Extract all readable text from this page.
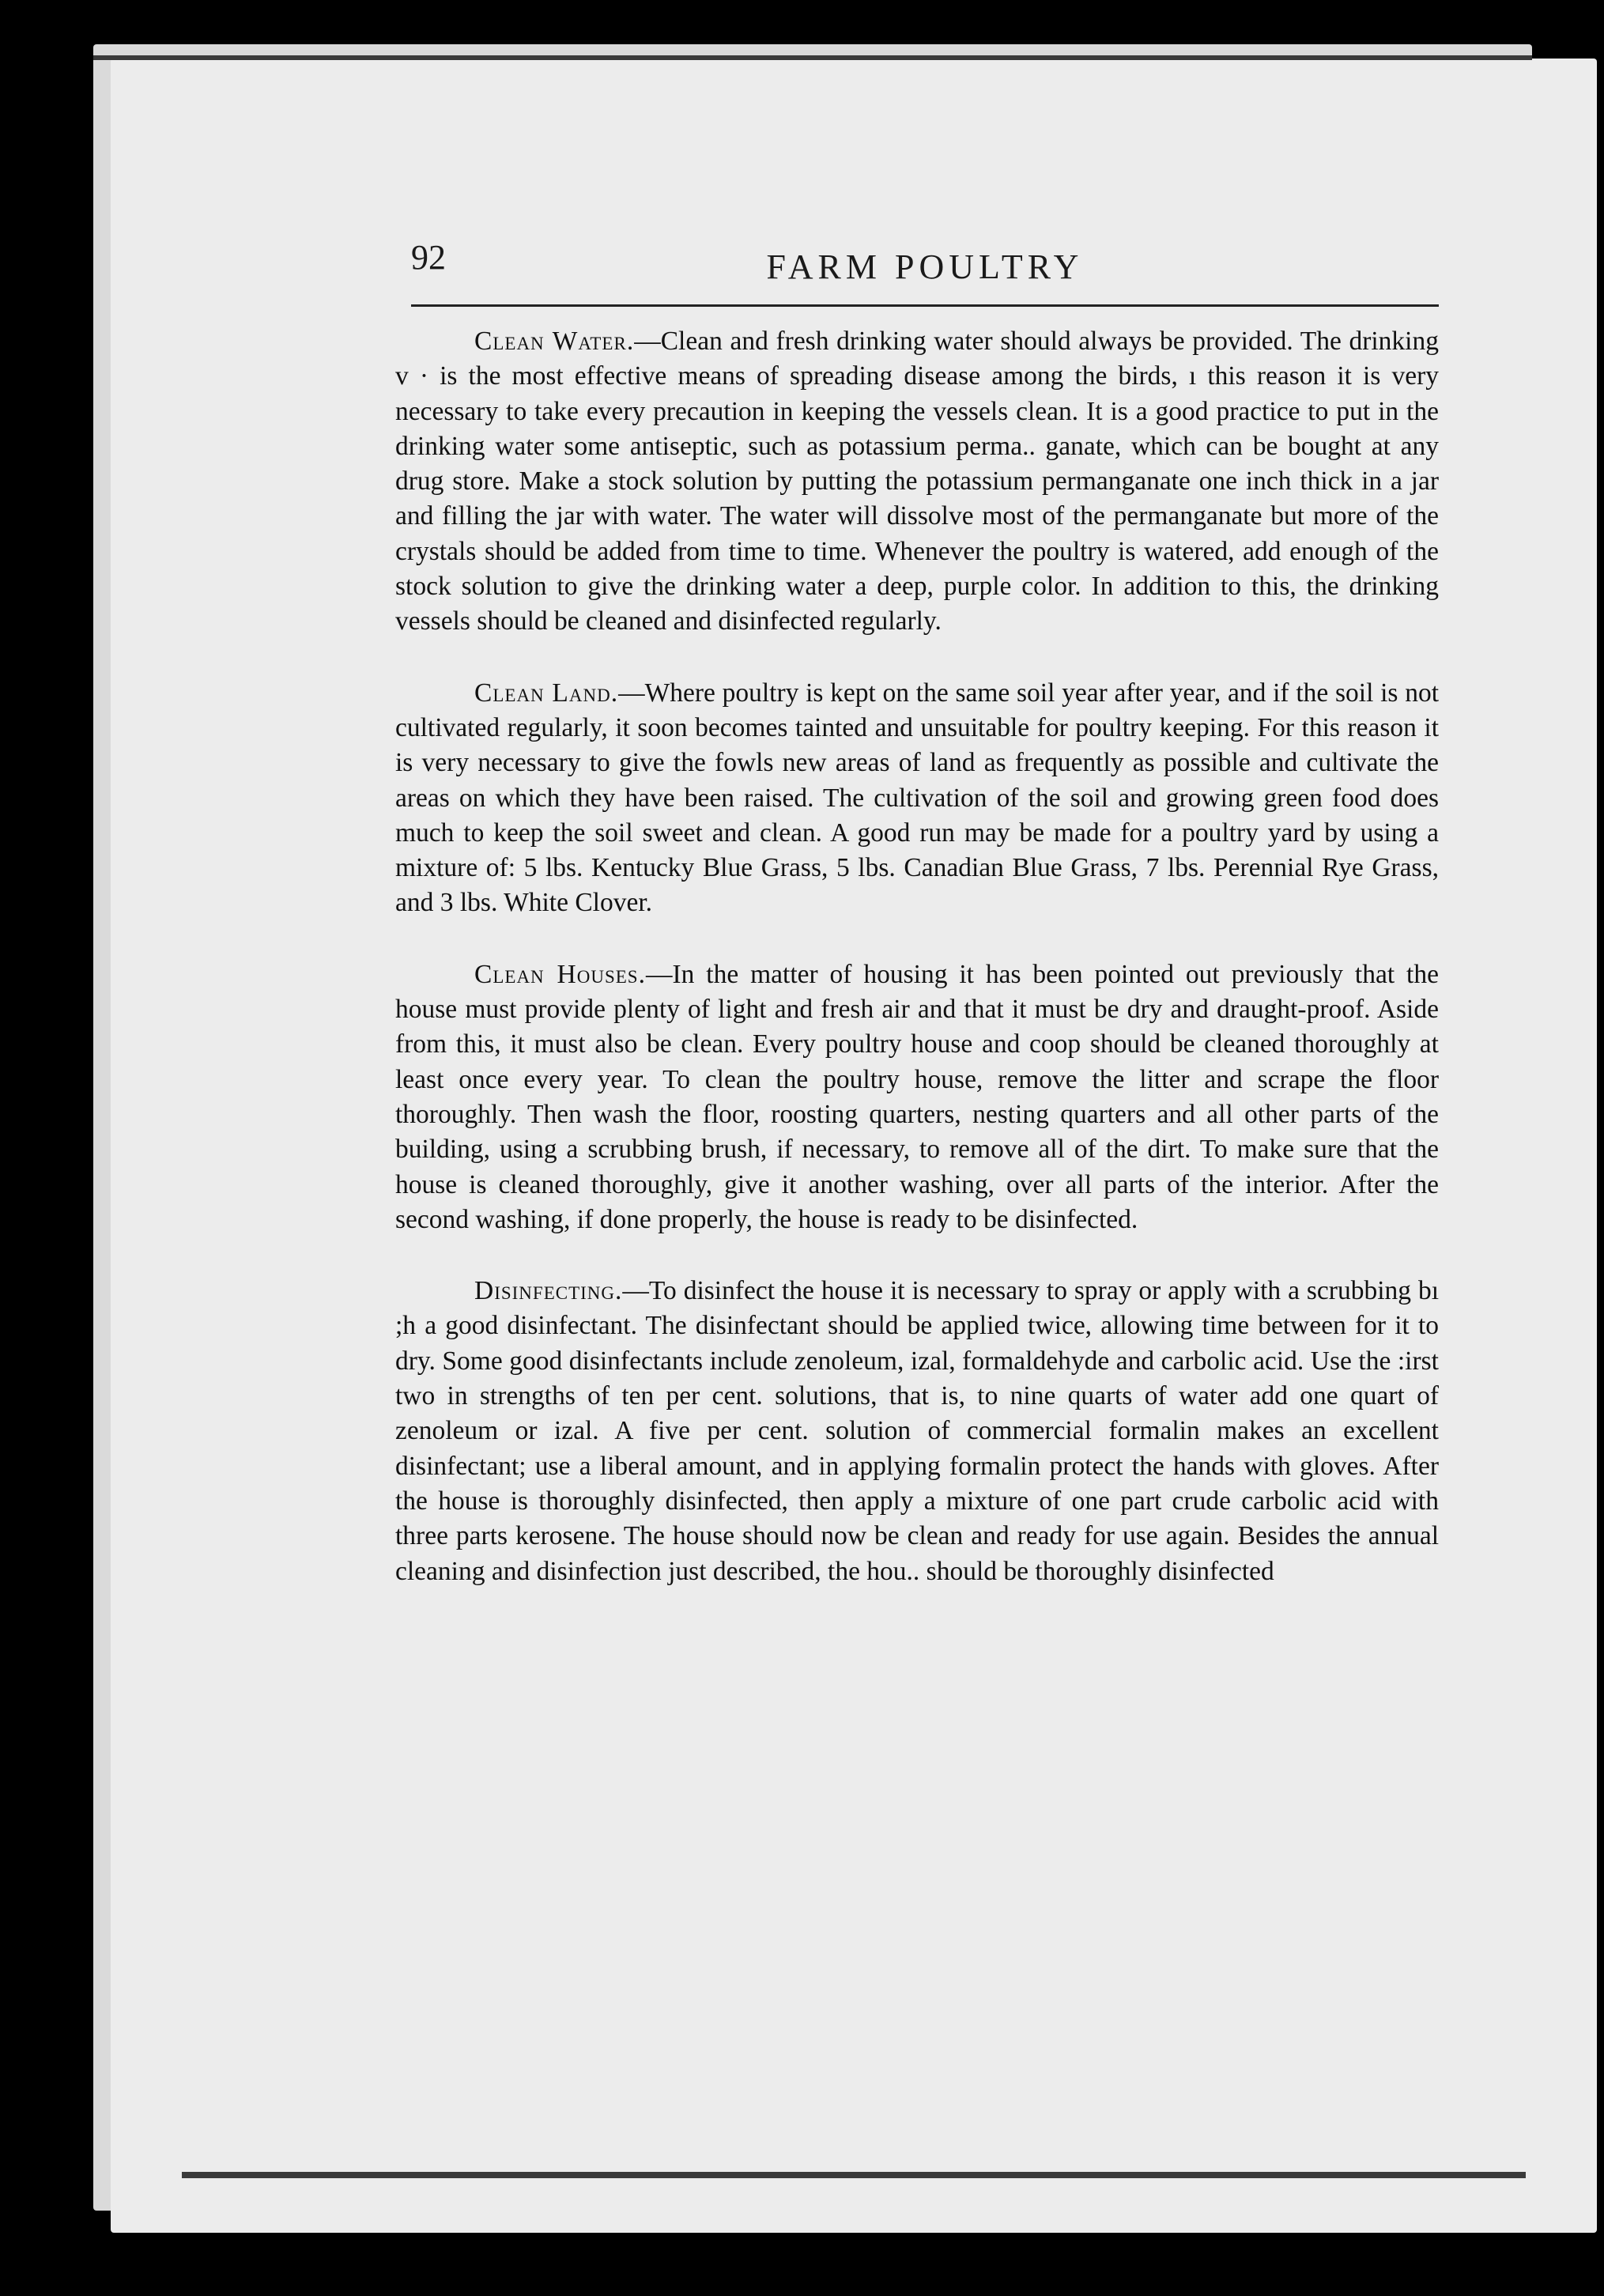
92	FARM POULTRY

Clean Water.—Clean and fresh drinking water should always be provided. The drinking v · is the most effective means of spreading disease among the birds, ı this reason it is very necessary to take every precaution in keeping the vessels clean. It is a good practice to put in the drinking water some antiseptic, such as potassium perma.. ganate, which can be bought at any drug store. Make a stock solution by putting the potassium permanganate one inch thick in a jar and filling the jar with water. The water will dissolve most of the permanganate but more of the crystals should be added from time to time. Whenever the poultry is watered, add enough of the stock solution to give the drinking water a deep, purple color. In addition to this, the drinking vessels should be cleaned and disinfected regularly.

Clean Land.—Where poultry is kept on the same soil year after year, and if the soil is not cultivated regularly, it soon becomes tainted and unsuitable for poultry keeping. For this reason it is very necessary to give the fowls new areas of land as frequently as possible and cultivate the areas on which they have been raised. The cultivation of the soil and growing green food does much to keep the soil sweet and clean. A good run may be made for a poultry yard by using a mixture of: 5 lbs. Kentucky Blue Grass, 5 lbs. Canadian Blue Grass, 7 lbs. Perennial Rye Grass, and 3 lbs. White Clover.

Clean Houses.—In the matter of housing it has been pointed out previously that the house must provide plenty of light and fresh air and that it must be dry and draught-proof. Aside from this, it must also be clean. Every poultry house and coop should be cleaned thoroughly at least once every year. To clean the poultry house, remove the litter and scrape the floor thoroughly. Then wash the floor, roosting quarters, nesting quarters and all other parts of the building, using a scrubbing brush, if necessary, to remove all of the dirt. To make sure that the house is cleaned thoroughly, give it another washing, over all parts of the interior. After the second washing, if done properly, the house is ready to be disinfected.

Disinfecting.—To disinfect the house it is necessary to spray or apply with a scrubbing bı ;h a good disinfectant. The disinfectant should be applied twice, allowing time between for it to dry. Some good disinfectants include zenoleum, izal, formaldehyde and carbolic acid. Use the :irst two in strengths of ten per cent. solutions, that is, to nine quarts of water add one quart of zenoleum or izal. A five per cent. solution of commercial formalin makes an excellent disinfectant; use a liberal amount, and in applying formalin protect the hands with gloves. After the house is thoroughly disinfected, then apply a mixture of one part crude carbolic acid with three parts kerosene. The house should now be clean and ready for use again. Besides the annual cleaning and disinfection just described, the hou.. should be thoroughly disinfected
